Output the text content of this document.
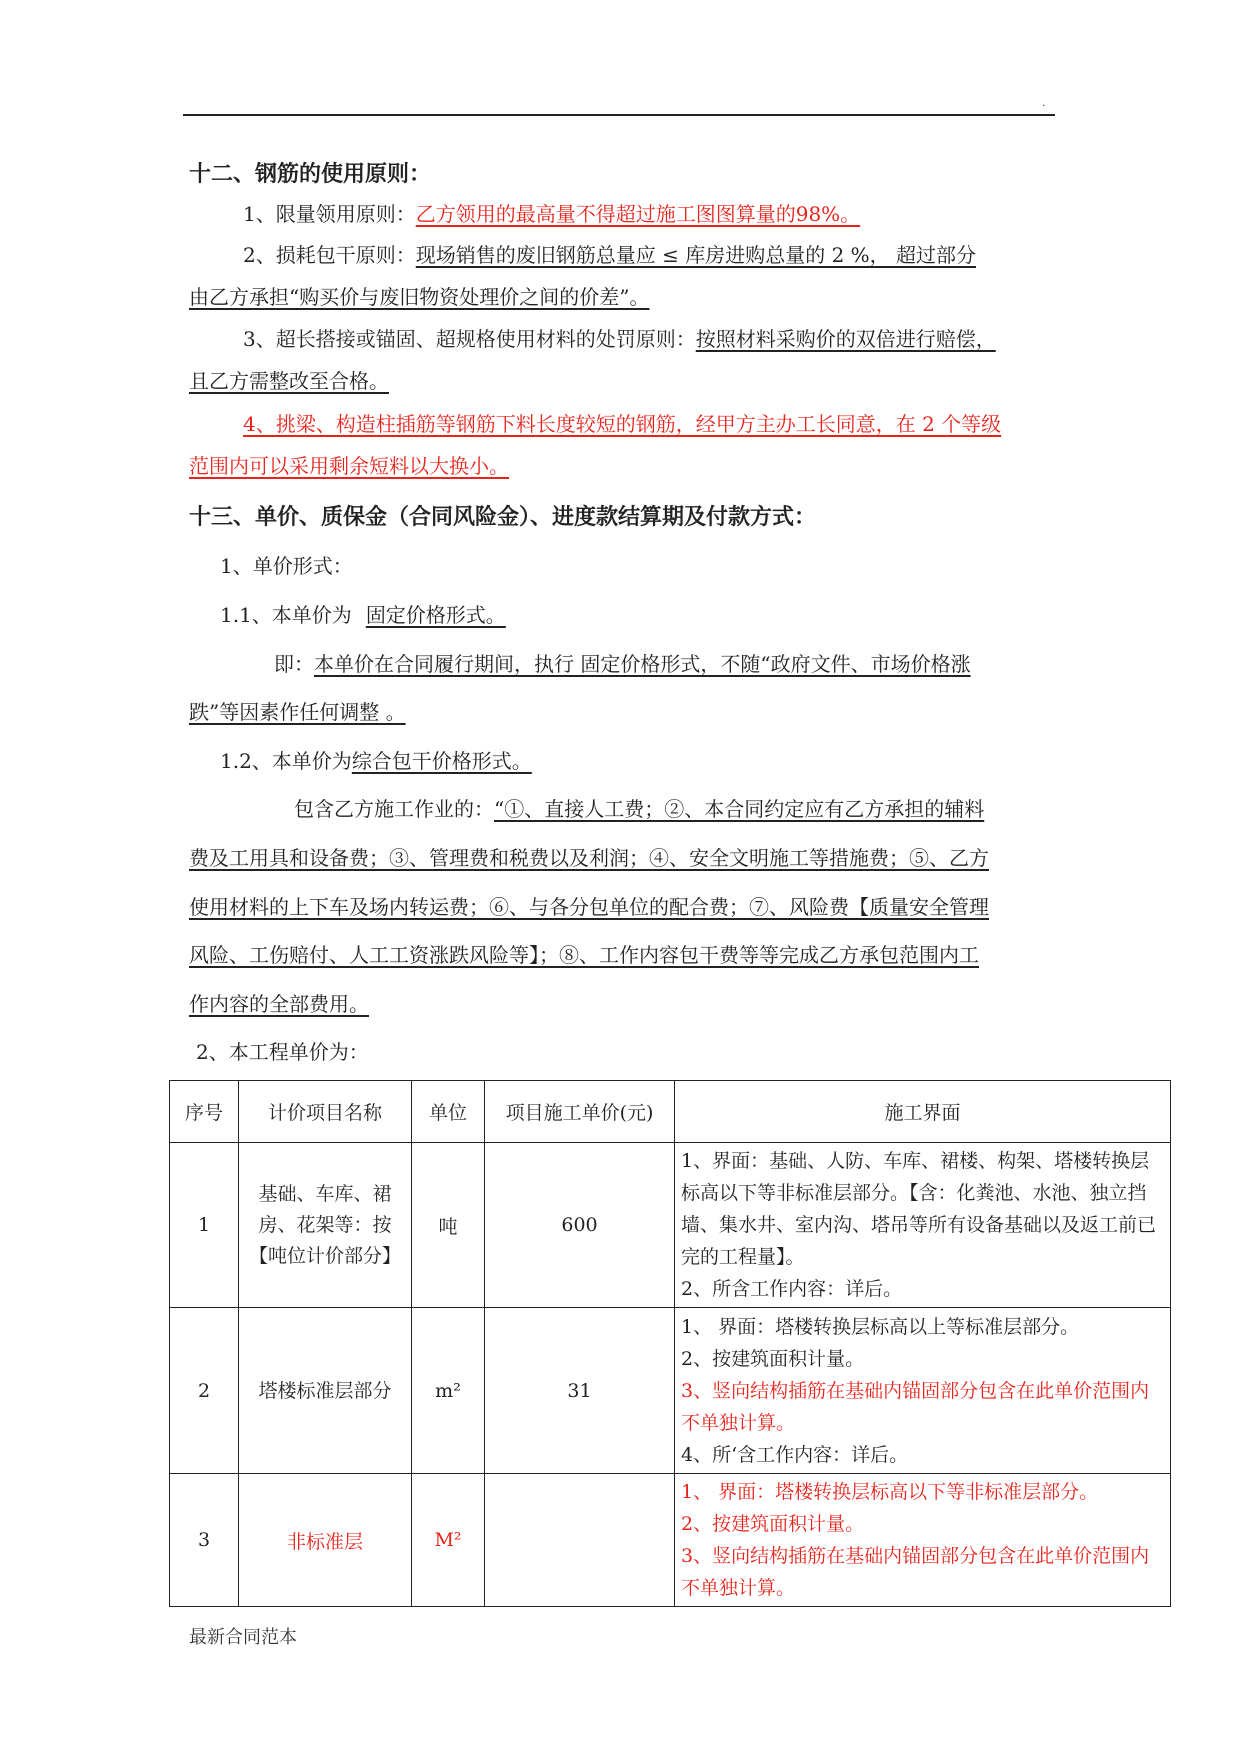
.
十二、钢筋的使用原则：
1、限量领用原则：乙方领用的最高量不得超过施工图图算量的98%。
2、损耗包干原则：现场销售的废旧钢筋总量应 ≤ 库房进购总量的 2 %， 超过部分
由乙方承担“购买价与废旧物资处理价之间的价差”。
3、超长搭接或锚固、超规格使用材料的处罚原则：按照材料采购价的双倍进行赔偿，
且乙方需整改至合格。
4、挑梁、构造柱插筋等钢筋下料长度较短的钢筋，经甲方主办工长同意，在 2 个等级
范围内可以采用剩余短料以大换小。
十三、单价、质保金（合同风险金）、进度款结算期及付款方式：
1、单价形式：
1.1、本单价为 固定价格形式。
即：本单价在合同履行期间，执行 固定价格形式，不随“政府文件、市场价格涨
跌”等因素作任何调整 。
1.2、本单价为综合包干价格形式。
包含乙方施工作业的：“①、直接人工费；②、本合同约定应有乙方承担的辅料
费及工用具和设备费；③、管理费和税费以及利润；④、安全文明施工等措施费；⑤、乙方
使用材料的上下车及场内转运费；⑥、与各分包单位的配合费；⑦、风险费【质量安全管理
风险、工伤赔付、人工工资涨跌风险等】；⑧、工作内容包干费等等完成乙方承包范围内工
作内容的全部费用。
2、本工程单价为：
序号	计价项目名称	单位	项目施工单价(元)	施工界面
1	基础、车库、裙房、花架等：按【吨位计价部分】	吨	600	1、界面：基础、人防、车库、裙楼、构架、塔楼转换层标高以下等非标准层部分。【含：化粪池、水池、独立挡墙、集水井、室内沟、塔吊等所有设备基础以及返工前已完的工程量】。
2、所含工作内容：详后。

2	塔楼标准层部分	m²	31	1、 界面：塔楼转换层标高以上等标准层部分。
2、按建筑面积计量。
3、竖向结构插筋在基础内锚固部分包含在此单价范围内不单独计算。
4、所‘含工作内容：详后。

3	非标准层	M²		1、 界面：塔楼转换层标高以下等非标准层部分。
2、按建筑面积计量。
3、竖向结构插筋在基础内锚固部分包含在此单价范围内不单独计算。
最新合同范本
